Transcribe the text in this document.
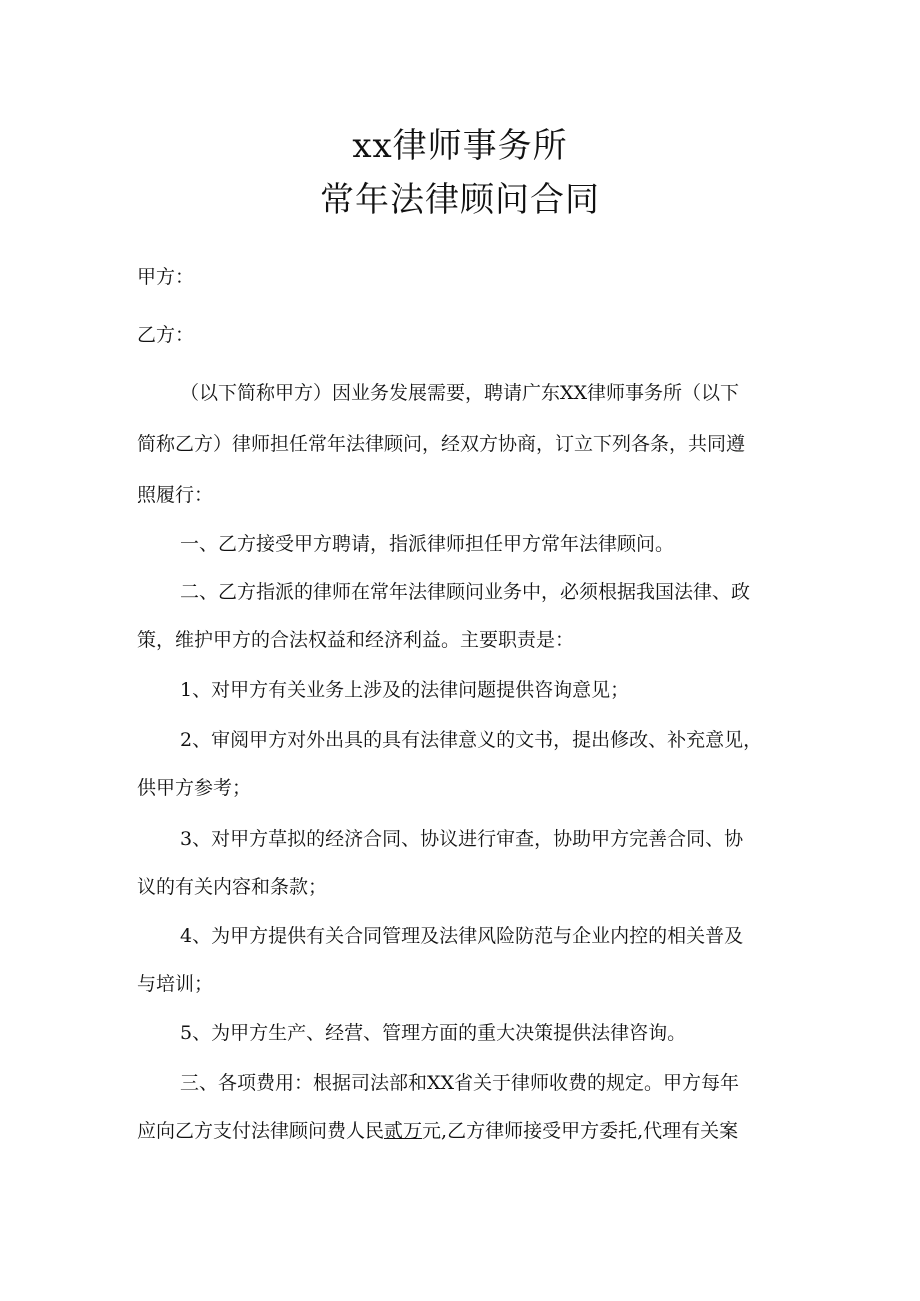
xx律师事务所
常年法律顾问合同
甲方：
乙方：
（以下简称甲方）因业务发展需要，聘请广东XX律师事务所（以下
简称乙方）律师担任常年法律顾问，经双方协商，订立下列各条，共同遵
照履行：
一、乙方接受甲方聘请，指派律师担任甲方常年法律顾问。
二、乙方指派的律师在常年法律顾问业务中，必须根据我国法律、政
策，维护甲方的合法权益和经济利益。主要职责是：
1、对甲方有关业务上涉及的法律问题提供咨询意见；
2、审阅甲方对外出具的具有法律意义的文书，提出修改、补充意见，
供甲方参考；
3、对甲方草拟的经济合同、协议进行审查，协助甲方完善合同、协
议的有关内容和条款；
4、为甲方提供有关合同管理及法律风险防范与企业内控的相关普及
与培训；
5、为甲方生产、经营、管理方面的重大决策提供法律咨询。
三、各项费用：根据司法部和XX省关于律师收费的规定。甲方每年
应向乙方支付法律顾问费人民贰万元,乙方律师接受甲方委托,代理有关案
